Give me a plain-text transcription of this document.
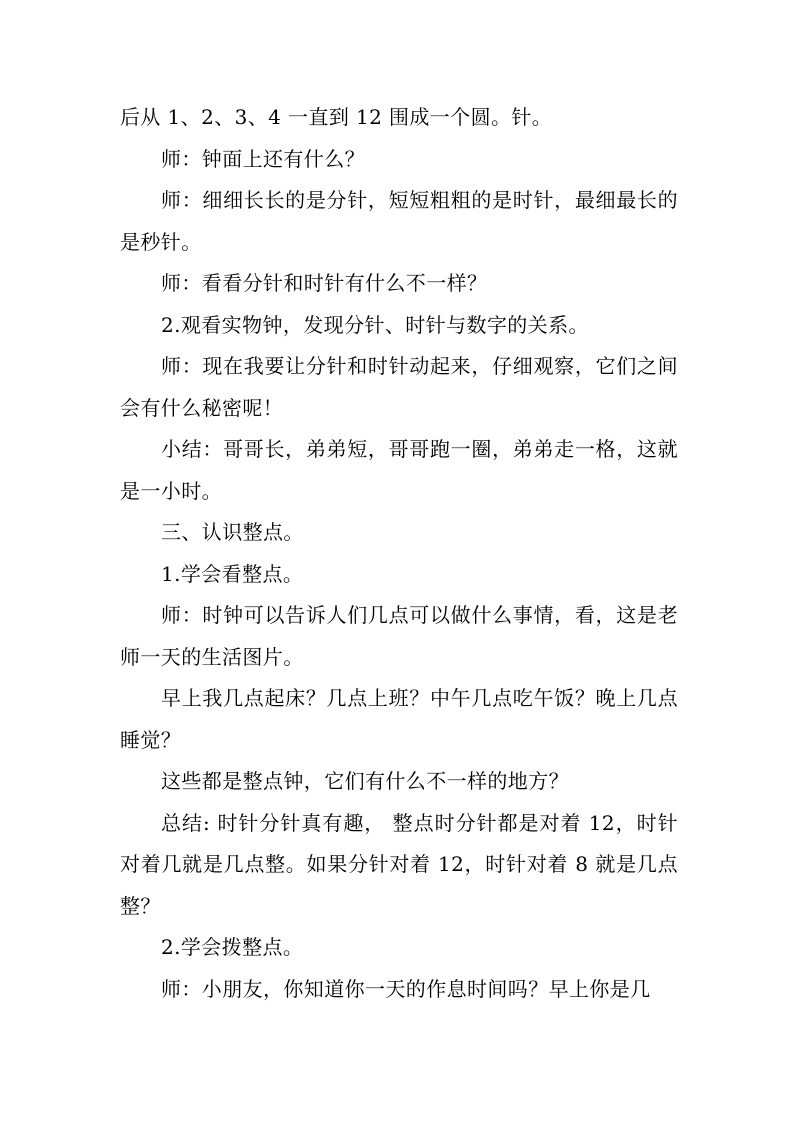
后从 1、2、3、4 一直到 12 围成一个圆。针。

师：钟面上还有什么？

师：细细长长的是分针，短短粗粗的是时针，最细最长的是秒针。

师：看看分针和时针有什么不一样？

2.观看实物钟，发现分针、时针与数字的关系。

师：现在我要让分针和时针动起来，仔细观察，它们之间会有什么秘密呢！

小结：哥哥长，弟弟短，哥哥跑一圈，弟弟走一格，这就是一小时。

三、认识整点。

1.学会看整点。

师：时钟可以告诉人们几点可以做什么事情，看，这是老师一天的生活图片。

早上我几点起床？几点上班？中午几点吃午饭？晚上几点睡觉？

这些都是整点钟，它们有什么不一样的地方？

总结: 时针分针真有趣， 整点时分针都是对着 12，时针对着几就是几点整。如果分针对着 12，时针对着 8 就是几点整？

2.学会拨整点。

师：小朋友，你知道你一天的作息时间吗？早上你是几
